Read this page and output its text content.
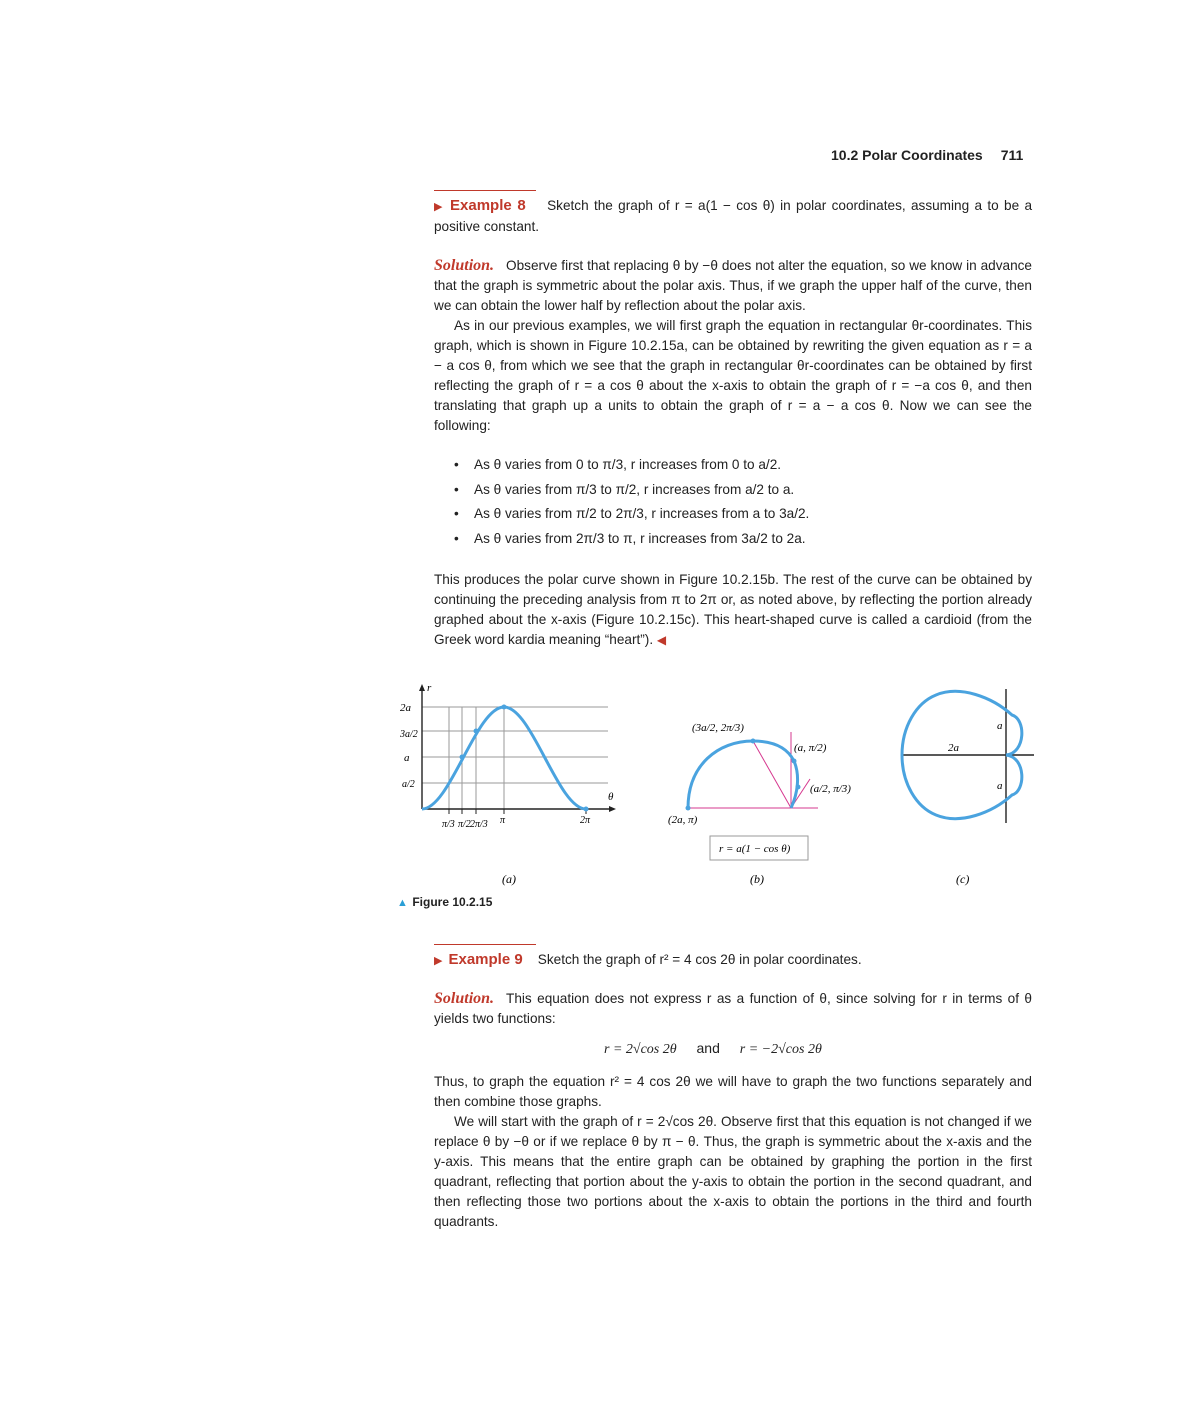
10.2 Polar Coordinates 711
▶ Example 8 Sketch the graph of r = a(1 − cos θ) in polar coordinates, assuming a to be a positive constant.
Solution. Observe first that replacing θ by −θ does not alter the equation, so we know in advance that the graph is symmetric about the polar axis. Thus, if we graph the upper half of the curve, then we can obtain the lower half by reflection about the polar axis.
As in our previous examples, we will first graph the equation in rectangular θr-coordinates. This graph, which is shown in Figure 10.2.15a, can be obtained by rewriting the given equation as r = a − a cos θ, from which we see that the graph in rectangular θr-coordinates can be obtained by first reflecting the graph of r = a cos θ about the x-axis to obtain the graph of r = −a cos θ, and then translating that graph up a units to obtain the graph of r = a − a cos θ. Now we can see the following:
• As θ varies from 0 to π/3, r increases from 0 to a/2.
• As θ varies from π/3 to π/2, r increases from a/2 to a.
• As θ varies from π/2 to 2π/3, r increases from a to 3a/2.
• As θ varies from 2π/3 to π, r increases from 3a/2 to 2a.
This produces the polar curve shown in Figure 10.2.15b. The rest of the curve can be obtained by continuing the preceding analysis from π to 2π or, as noted above, by reflecting the portion already graphed about the x-axis (Figure 10.2.15c). This heart-shaped curve is called a cardioid (from the Greek word kardia meaning “heart”). ◀
r
θ
2a
3a/2
a
a/2
π/3 π/2 2π/3 π	2π
(a)
(3a/2, 2π/3)
(a, π/2)
(a/2, π/3)
(2a, π)
r = a(1 − cos θ)
(b)
2a
a
a
(c)
▲ Figure 10.2.15
▶ Example 9 Sketch the graph of r² = 4 cos 2θ in polar coordinates.
Solution. This equation does not express r as a function of θ, since solving for r in terms of θ yields two functions:
r = 2√cos 2θ and r = −2√cos 2θ
Thus, to graph the equation r² = 4 cos 2θ we will have to graph the two functions separately and then combine those graphs.
We will start with the graph of r = 2√cos 2θ. Observe first that this equation is not changed if we replace θ by −θ or if we replace θ by π − θ. Thus, the graph is symmetric about the x-axis and the y-axis. This means that the entire graph can be obtained by graphing the portion in the first quadrant, reflecting that portion about the y-axis to obtain the portion in the second quadrant, and then reflecting those two portions about the x-axis to obtain the portions in the third and fourth quadrants.
